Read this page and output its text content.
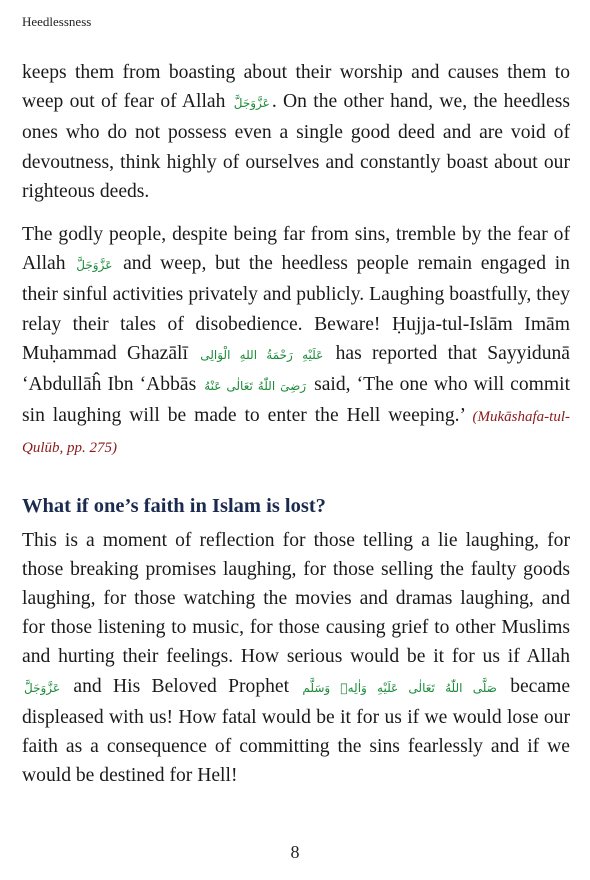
Heedlessness

keeps them from boasting about their worship and causes them to weep out of fear of Allah عَزَّوَجَلَّ . On the other hand, we, the heedless ones who do not possess even a single good deed and are void of devoutness, think highly of ourselves and constantly boast about our righteous deeds.

The godly people, despite being far from sins, tremble by the fear of Allah عَزَّوَجَلَّ and weep, but the heedless people remain engaged in their sinful activities privately and publicly. Laughing boastfully, they relay their tales of disobedience. Beware! Ḥujja-tul-Islām Imām Muḥammad Ghazālī عَلَيْهِ رَحْمَةُ اللهِ الْوَالِى has reported that Sayyidunā ‘Abdullāĥ Ibn ‘Abbās رَضِىَ اللّٰهُ تَعَالٰى عَنْهُ said, ‘The one who will commit sin laughing will be made to enter the Hell weeping.’ (Mukāshafa-tul-Qulūb, pp. 275)

What if one’s faith in Islam is lost?

This is a moment of reflection for those telling a lie laughing, for those breaking promises laughing, for those selling the faulty goods laughing, for those watching the movies and dramas laughing, and for those listening to music, for those causing grief to other Muslims and hurting their feelings. How serious would be it for us if Allah عَزَّوَجَلَّ and His Beloved Prophet صَلَّى اللّٰهُ تَعَالٰى عَلَيْهِ وَاٰلِهٖ وَسَلَّم became displeased with us! How fatal would be it for us if we would lose our faith as a consequence of committing the sins fearlessly and if we would be destined for Hell!

8
